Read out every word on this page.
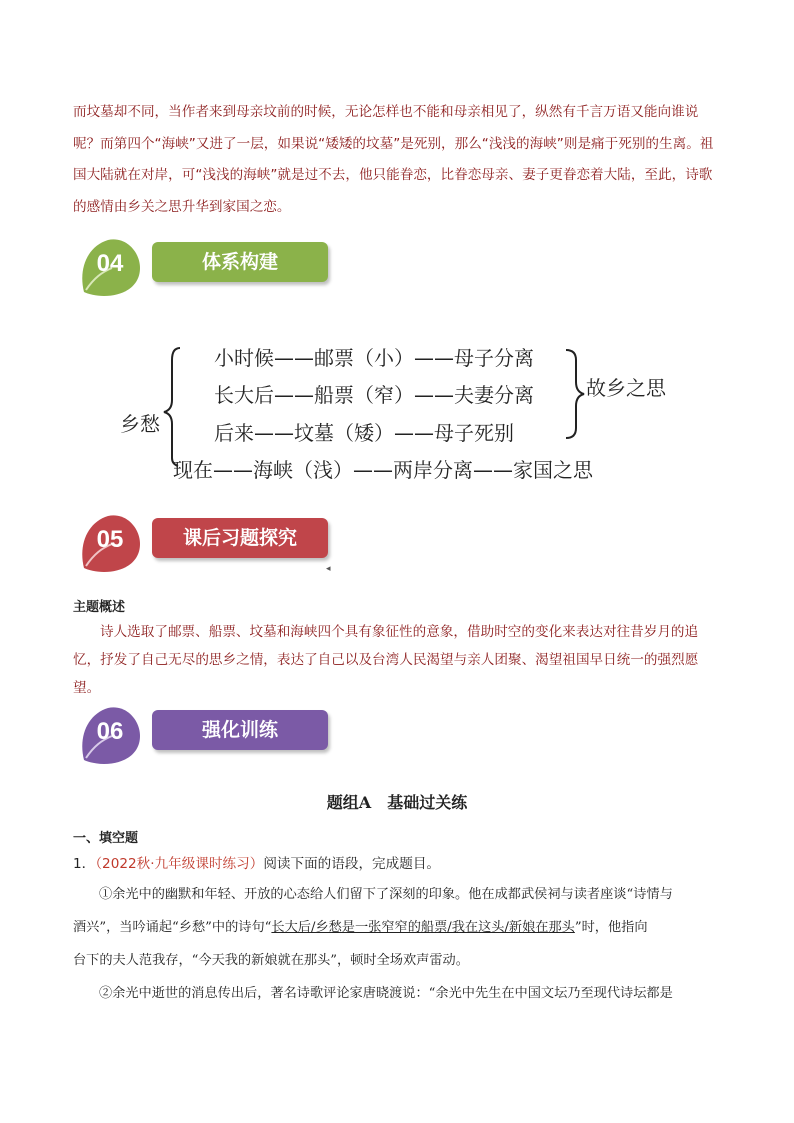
而坟墓却不同，当作者来到母亲坟前的时候，无论怎样也不能和母亲相见了，纵然有千言万语又能向谁说
呢？而第四个“海峡”又进了一层，如果说“矮矮的坟墓”是死别，那么“浅浅的海峡”则是痛于死别的生离。祖
国大陆就在对岸，可“浅浅的海峡”就是过不去，他只能眷恋，比眷恋母亲、妻子更眷恋着大陆，至此，诗歌
的感情由乡关之思升华到家国之恋。
04	体系构建
乡愁
小时候——邮票（小）——母子分离
长大后——船票（窄）——夫妻分离
后来——坟墓（矮）——母子死别
故乡之思
现在——海峡（浅）——两岸分离——家国之思
05	课后习题探究
◂
主题概述
诗人选取了邮票、船票、坟墓和海峡四个具有象征性的意象，借助时空的变化来表达对往昔岁月的追
忆，抒发了自己无尽的思乡之情，表达了自己以及台湾人民渴望与亲人团聚、渴望祖国早日统一的强烈愿
望。
06	强化训练
题组A　基础过关练
一、填空题
1．（2022秋·九年级课时练习）阅读下面的语段，完成题目。
①余光中的幽默和年轻、开放的心态给人们留下了深刻的印象。他在成都武侯祠与读者座谈“诗情与
酒兴”，当吟诵起“乡愁”中的诗句“长大后/乡愁是一张窄窄的船票/我在这头/新娘在那头”时，他指向
台下的夫人范我存，“今天我的新娘就在那头”，顿时全场欢声雷动。
②余光中逝世的消息传出后，著名诗歌评论家唐晓渡说：“余光中先生在中国文坛乃至现代诗坛都是
